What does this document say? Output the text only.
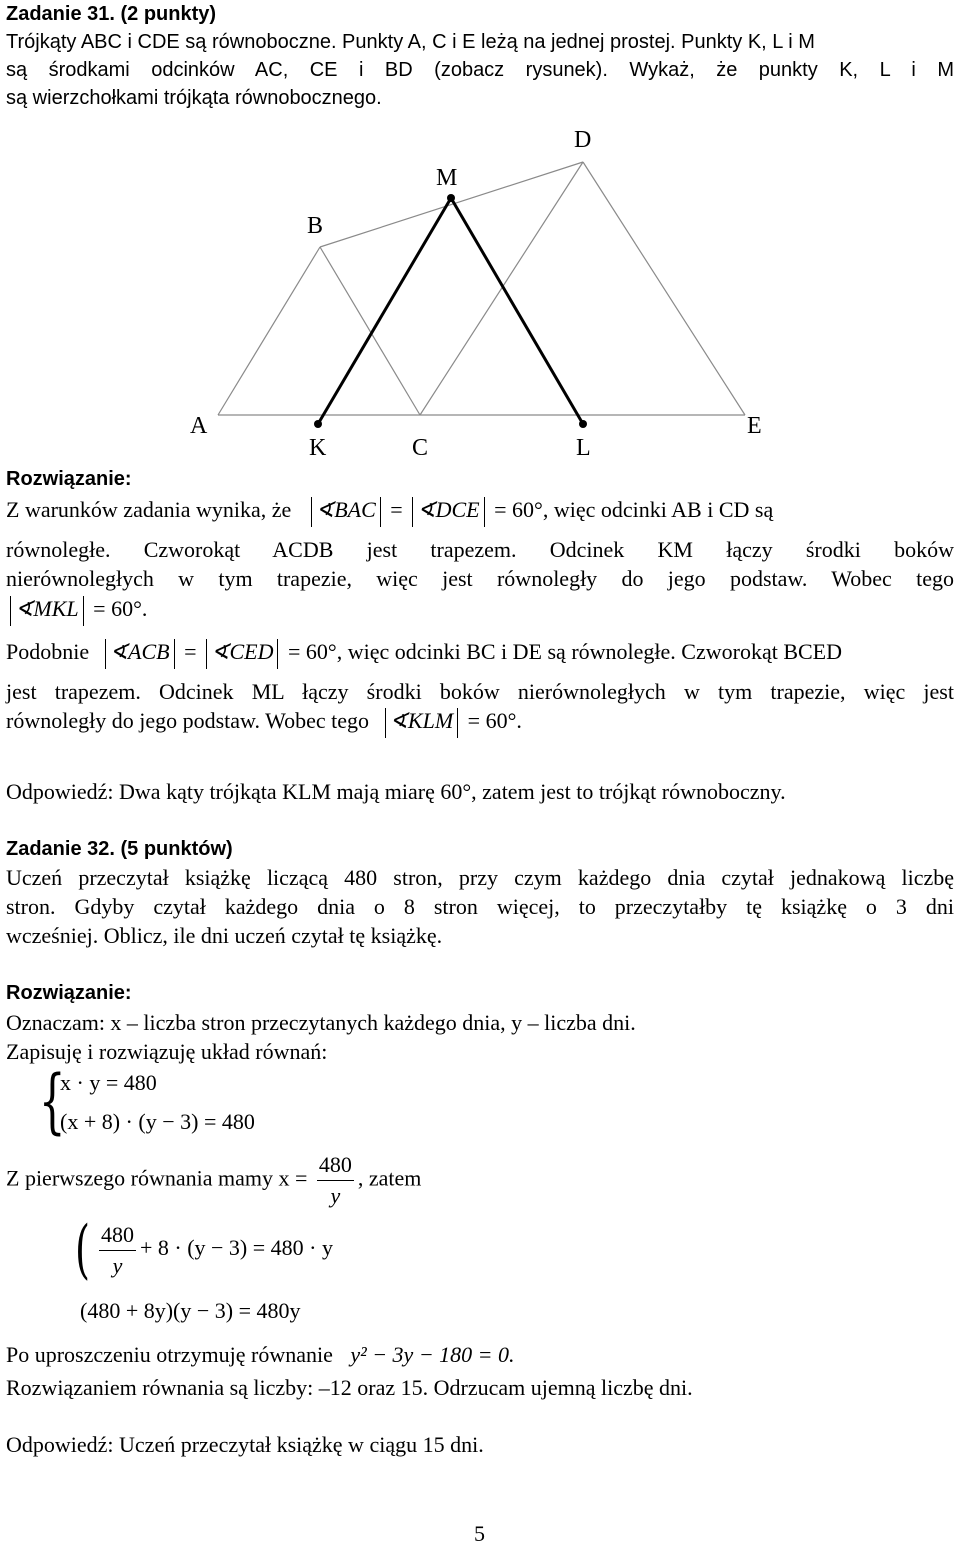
Zadanie 31. (2 punkty)
Trójkąty ABC i CDE są równoboczne. Punkty A, C i E leżą na jednej prostej. Punkty K, L i M
są środkami odcinków AC, CE i BD (zobacz rysunek). Wykaż, że punkty K, L i M
są wierzchołkami trójkąta równobocznego.
A
K	C	L
E
B
M
D
Rozwiązanie:
Z warunków zadania wynika, że ∢BAC = ∢DCE = 60°, więc odcinki AB i CD są
równoległe. Czworokąt ACDB jest trapezem. Odcinek KM łączy środki boków
nierównoległych w tym trapezie, więc jest równoległy do jego podstaw. Wobec tego
∢MKL = 60°.
Podobnie ∢ACB = ∢CED = 60°, więc odcinki BC i DE są równoległe. Czworokąt BCED
jest trapezem. Odcinek ML łączy środki boków nierównoległych w tym trapezie, więc jest
równoległy do jego podstaw. Wobec tego ∢KLM = 60°.
Odpowiedź: Dwa kąty trójkąta KLM mają miarę 60°, zatem jest to trójkąt równoboczny.
Zadanie 32. (5 punktów)
Uczeń przeczytał książkę liczącą 480 stron, przy czym każdego dnia czytał jednakową liczbę
stron. Gdyby czytał każdego dnia o 8 stron więcej, to przeczytałby tę książkę o 3 dni
wcześniej. Oblicz, ile dni uczeń czytał tę książkę.
Rozwiązanie:
Oznaczam: x – liczba stron przeczytanych każdego dnia, y – liczba dni.
Zapisuję i rozwiązuję układ równań:
{
x · y = 480
(x + 8) · (y − 3) = 480
Z pierwszego równania mamy $x = \frac{480}{y}$ , zatem
( $\frac{480}{y} + 8 \cdot (y - 3) = 480 \cdot y$
(480 + 8y)(y − 3) = 480y
Po uproszczeniu otrzymuję równanie y² − 3y − 180 = 0.
Rozwiązaniem równania są liczby: –12 oraz 15. Odrzucam ujemną liczbę dni.
Odpowiedź: Uczeń przeczytał książkę w ciągu 15 dni.
5
